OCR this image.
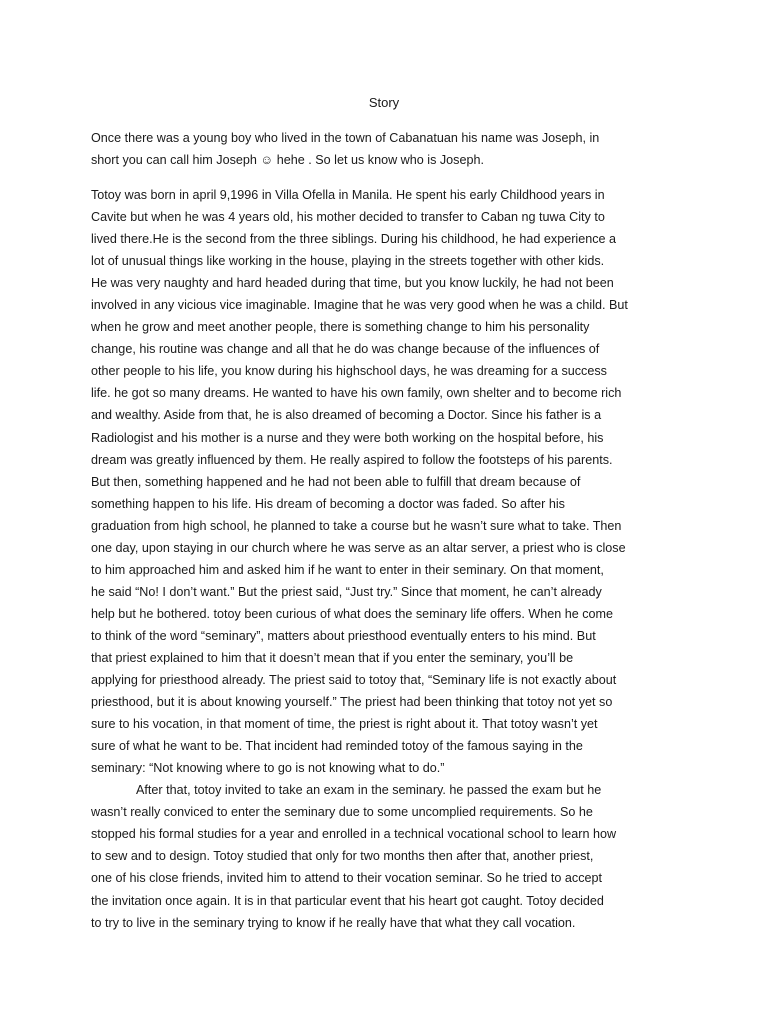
Story
Once there was a young boy who lived in the town of Cabanatuan his name was Joseph, in
short you can call him Joseph ☺ hehe . So let us know who is Joseph.
Totoy was born in april 9,1996 in Villa Ofella in Manila. He spent his early Childhood years in
Cavite but when he was 4 years old, his mother decided to transfer to Caban ng tuwa City to
lived there.He is the second from the three siblings. During his childhood, he had experience a
lot of unusual things like working in the house, playing in the streets together with other kids.
He was very naughty and hard headed during that time, but you know luckily, he had not been
involved in any vicious vice imaginable. Imagine that he was very good when he was a child. But
when he grow and meet another people, there is something change to him his personality
change, his routine was change and all that he do was change because of the influences of
other people to his life, you know during his highschool days, he was dreaming for a success
life. he got so many dreams. He wanted to have his own family, own shelter and to become rich
and wealthy. Aside from that, he is also dreamed of becoming a Doctor. Since his father is a
Radiologist and his mother is a nurse and they were both working on the hospital before, his
dream was greatly influenced by them. He really aspired to follow the footsteps of his parents.
But then, something happened and he had not been able to fulfill that dream because of
something happen to his life. His dream of becoming a doctor was faded. So after his
graduation from high school, he planned to take a course but he wasn’t sure what to take. Then
one day, upon staying in our church where he was serve as an altar server, a priest who is close
to him approached him and asked him if he want to enter in their seminary. On that moment,
he said “No! I don’t want.” But the priest said, “Just try.” Since that moment, he can’t already
help but he bothered. totoy been curious of what does the seminary life offers. When he come
to think of the word “seminary”, matters about priesthood eventually enters to his mind. But
that priest explained to him that it doesn’t mean that if you enter the seminary, you’ll be
applying for priesthood already. The priest said to totoy that, “Seminary life is not exactly about
priesthood, but it is about knowing yourself.” The priest had been thinking that totoy not yet so
sure to his vocation, in that moment of time, the priest is right about it. That totoy wasn’t yet
sure of what he want to be. That incident had reminded totoy of the famous saying in the
seminary: “Not knowing where to go is not knowing what to do.”
After that, totoy invited to take an exam in the seminary. he passed the exam but he
wasn’t really conviced to enter the seminary due to some uncomplied requirements. So he
stopped his formal studies for a year and enrolled in a technical vocational school to learn how
to sew and to design. Totoy studied that only for two months then after that, another priest,
one of his close friends, invited him to attend to their vocation seminar. So he tried to accept
the invitation once again. It is in that particular event that his heart got caught. Totoy decided
to try to live in the seminary trying to know if he really have that what they call vocation.
